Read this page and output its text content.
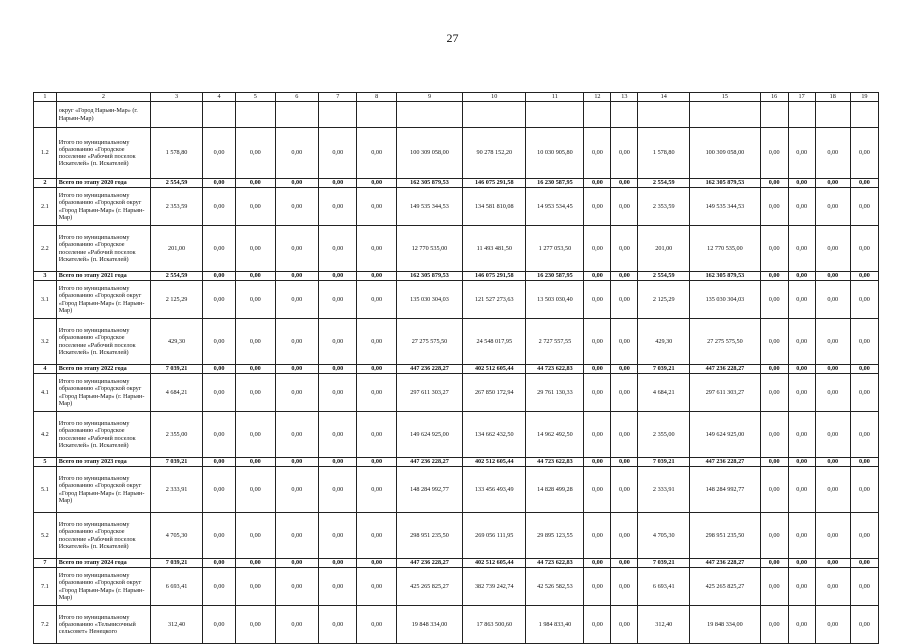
27
1	2	3	4	5	6	7	8	9	10	11	12	13	14	15	16	17	18	19
	округ «Город Нарьян-Мар» (г. Нарьян-Мар)																	
1.2	Итого по муниципальному образованию «Городское поселение «Рабочий поселок Искателей» (п. Искателей)	1 578,80	0,00	0,00	0,00	0,00	0,00	100 309 058,00	90 278 152,20	10 030 905,80	0,00	0,00	1 578,80	100 309 058,00	0,00	0,00	0,00	0,00
2	Всего по этапу 2020 года	2 554,59	0,00	0,00	0,00	0,00	0,00	162 305 879,53	146 075 291,58	16 230 587,95	0,00	0,00	2 554,59	162 305 879,53	0,00	0,00	0,00	0,00
2.1	Итого по муниципальному образованию «Городской округ «Город Нарьян-Мар» (г. Нарьян-Мар)	2 353,59	0,00	0,00	0,00	0,00	0,00	149 535 344,53	134 581 810,08	14 953 534,45	0,00	0,00	2 353,59	149 535 344,53	0,00	0,00	0,00	0,00
2.2	Итого по муниципальному образованию «Городское поселение «Рабочий поселок Искателей» (п. Искателей)	201,00	0,00	0,00	0,00	0,00	0,00	12 770 535,00	11 493 481,50	1 277 053,50	0,00	0,00	201,00	12 770 535,00	0,00	0,00	0,00	0,00
3	Всего по этапу 2021 года	2 554,59	0,00	0,00	0,00	0,00	0,00	162 305 879,53	146 075 291,58	16 230 587,95	0,00	0,00	2 554,59	162 305 879,53	0,00	0,00	0,00	0,00
3.1	Итого по муниципальному образованию «Городской округ «Город Нарьян-Мар» (г. Нарьян-Мар)	2 125,29	0,00	0,00	0,00	0,00	0,00	135 030 304,03	121 527 273,63	13 503 030,40	0,00	0,00	2 125,29	135 030 304,03	0,00	0,00	0,00	0,00
3.2	Итого по муниципальному образованию «Городское поселение «Рабочий поселок Искателей» (п. Искателей)	429,30	0,00	0,00	0,00	0,00	0,00	27 275 575,50	24 548 017,95	2 727 557,55	0,00	0,00	429,30	27 275 575,50	0,00	0,00	0,00	0,00
4	Всего по этапу 2022 года	7 039,21	0,00	0,00	0,00	0,00	0,00	447 236 228,27	402 512 605,44	44 723 622,83	0,00	0,00	7 039,21	447 236 228,27	0,00	0,00	0,00	0,00
4.1	Итого по муниципальному образованию «Городской округ «Город Нарьян-Мар» (г. Нарьян-Мар)	4 684,21	0,00	0,00	0,00	0,00	0,00	297 611 303,27	267 850 172,94	29 761 130,33	0,00	0,00	4 684,21	297 611 303,27	0,00	0,00	0,00	0,00
4.2	Итого по муниципальному образованию «Городское поселение «Рабочий поселок Искателей» (п. Искателей)	2 355,00	0,00	0,00	0,00	0,00	0,00	149 624 925,00	134 662 432,50	14 962 492,50	0,00	0,00	2 355,00	149 624 925,00	0,00	0,00	0,00	0,00
5	Всего по этапу 2023 года	7 039,21	0,00	0,00	0,00	0,00	0,00	447 236 228,27	402 512 605,44	44 723 622,83	0,00	0,00	7 039,21	447 236 228,27	0,00	0,00	0,00	0,00
5.1	Итого по муниципальному образованию «Городской округ «Город Нарьян-Мар» (г. Нарьян-Мар)	2 333,91	0,00	0,00	0,00	0,00	0,00	148 284 992,77	133 456 493,49	14 828 499,28	0,00	0,00	2 333,91	148 284 992,77	0,00	0,00	0,00	0,00
5.2	Итого по муниципальному образованию «Городское поселение «Рабочий поселок Искателей» (п. Искателей)	4 705,30	0,00	0,00	0,00	0,00	0,00	298 951 235,50	269 056 111,95	29 895 123,55	0,00	0,00	4 705,30	298 951 235,50	0,00	0,00	0,00	0,00
7	Всего по этапу 2024 года	7 039,21	0,00	0,00	0,00	0,00	0,00	447 236 228,27	402 512 605,44	44 723 622,83	0,00	0,00	7 039,21	447 236 228,27	0,00	0,00	0,00	0,00
7.1	Итого по муниципальному образованию «Городской округ «Город Нарьян-Мар» (г. Нарьян-Мар)	6 693,41	0,00	0,00	0,00	0,00	0,00	425 265 825,27	382 739 242,74	42 526 582,53	0,00	0,00	6 693,41	425 265 825,27	0,00	0,00	0,00	0,00
7.2	Итого по муниципальному образованию «Тельвисочный сельсовет» Ненецкого	312,40	0,00	0,00	0,00	0,00	0,00	19 848 334,00	17 863 500,60	1 984 833,40	0,00	0,00	312,40	19 848 334,00	0,00	0,00	0,00	0,00
